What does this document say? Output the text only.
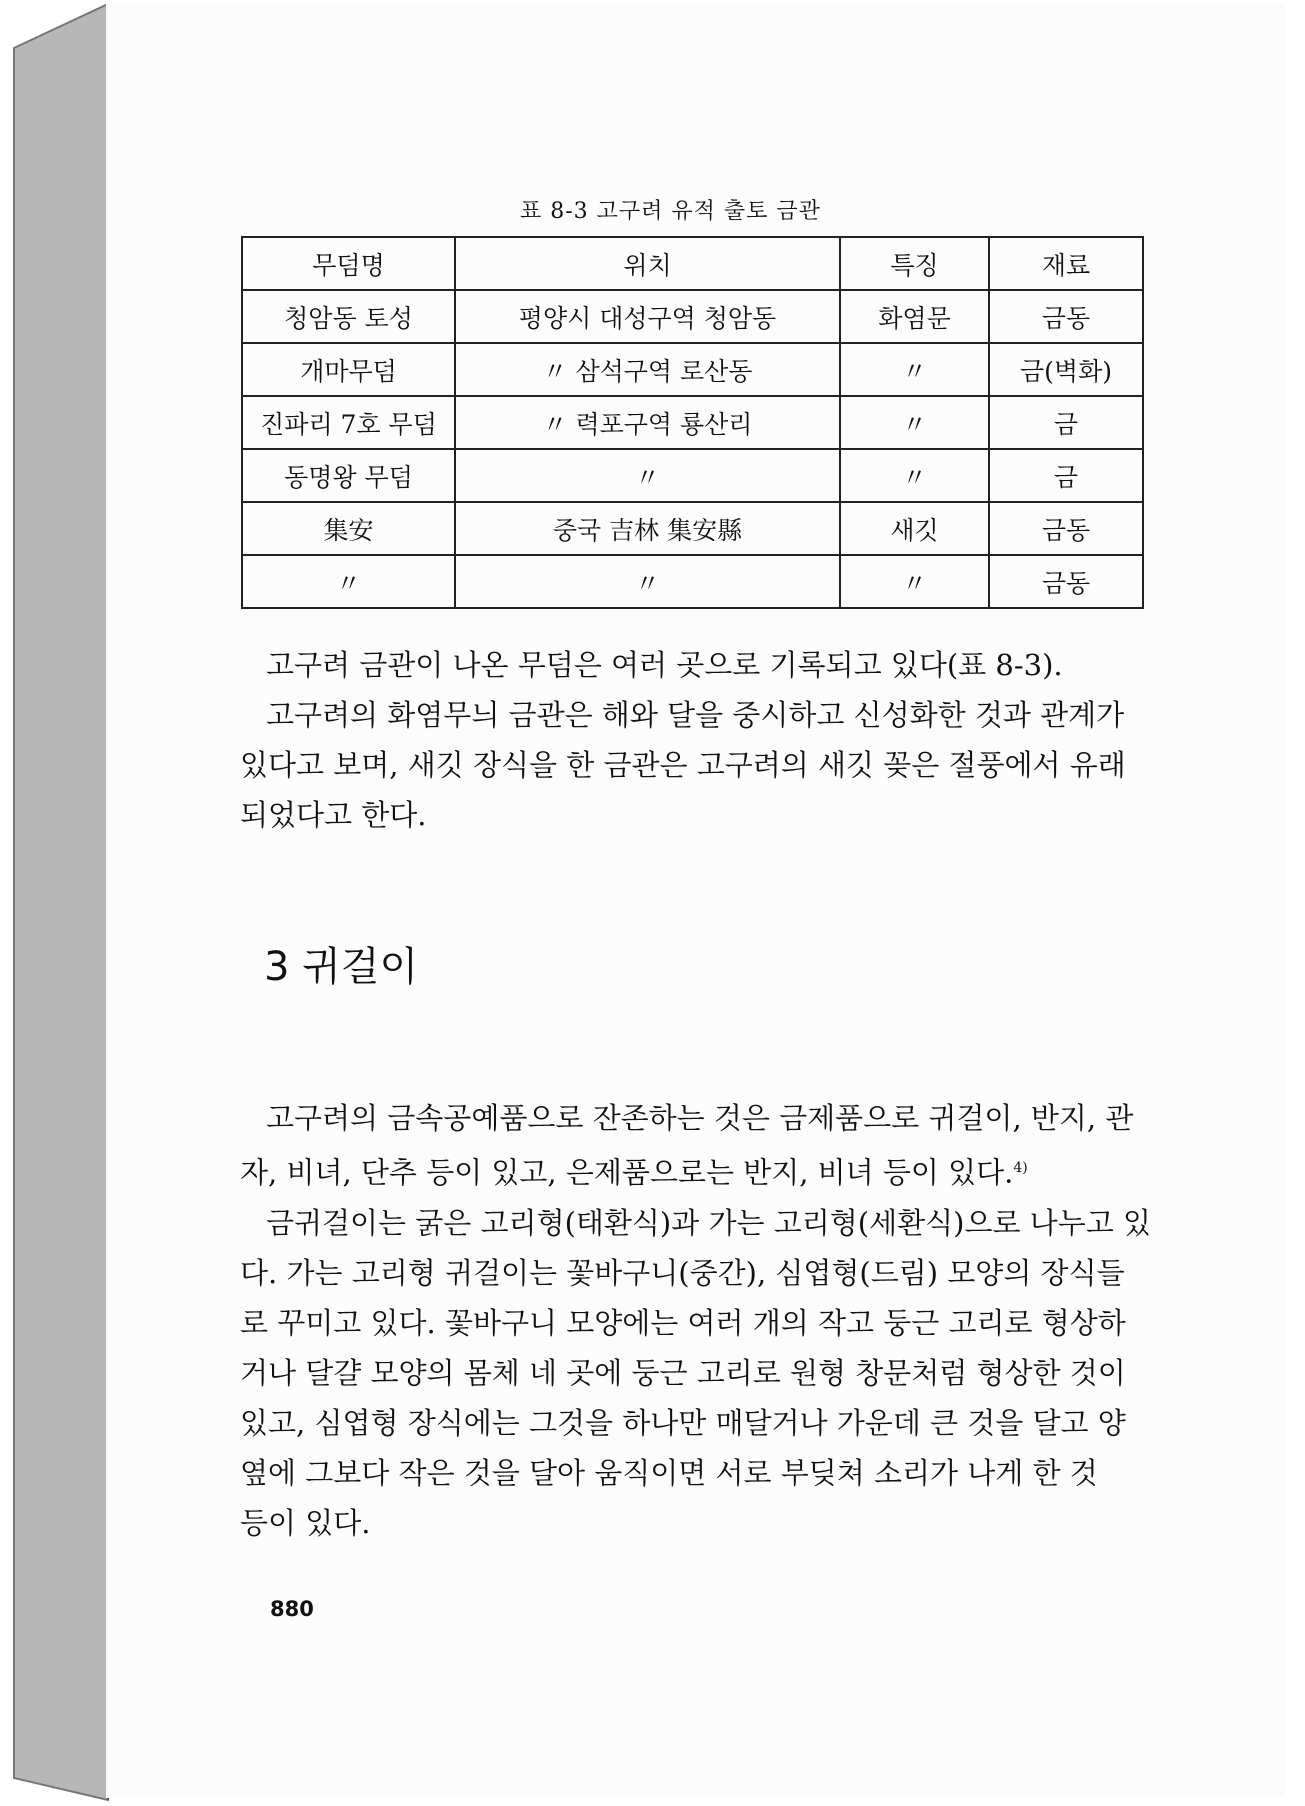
표 8-3 고구려 유적 출토 금관
무덤명	위치	특징	재료
청암동 토성	평양시 대성구역 청암동	화염문	금동
개마무덤	〃 삼석구역 로산동	〃	금(벽화)
진파리 7호 무덤	〃 력포구역 룡산리	〃	금
동명왕 무덤	〃	〃	금
集安	중국 吉林 集安縣	새깃	금동
〃	〃	〃	금동
고구려 금관이 나온 무덤은 여러 곳으로 기록되고 있다(표 8-3).
고구려의 화염무늬 금관은 해와 달을 중시하고 신성화한 것과 관계가
있다고 보며, 새깃 장식을 한 금관은 고구려의 새깃 꽂은 절풍에서 유래
되었다고 한다.
3 귀걸이
고구려의 금속공예품으로 잔존하는 것은 금제품으로 귀걸이, 반지, 관
자, 비녀, 단추 등이 있고, 은제품으로는 반지, 비녀 등이 있다.$^{4)}$
금귀걸이는 굵은 고리형(태환식)과 가는 고리형(세환식)으로 나누고 있
다. 가는 고리형 귀걸이는 꽃바구니(중간), 심엽형(드림) 모양의 장식들
로 꾸미고 있다. 꽃바구니 모양에는 여러 개의 작고 둥근 고리로 형상하
거나 달걀 모양의 몸체 네 곳에 둥근 고리로 원형 창문처럼 형상한 것이
있고, 심엽형 장식에는 그것을 하나만 매달거나 가운데 큰 것을 달고 양
옆에 그보다 작은 것을 달아 움직이면 서로 부딪쳐 소리가 나게 한 것
등이 있다.
880
